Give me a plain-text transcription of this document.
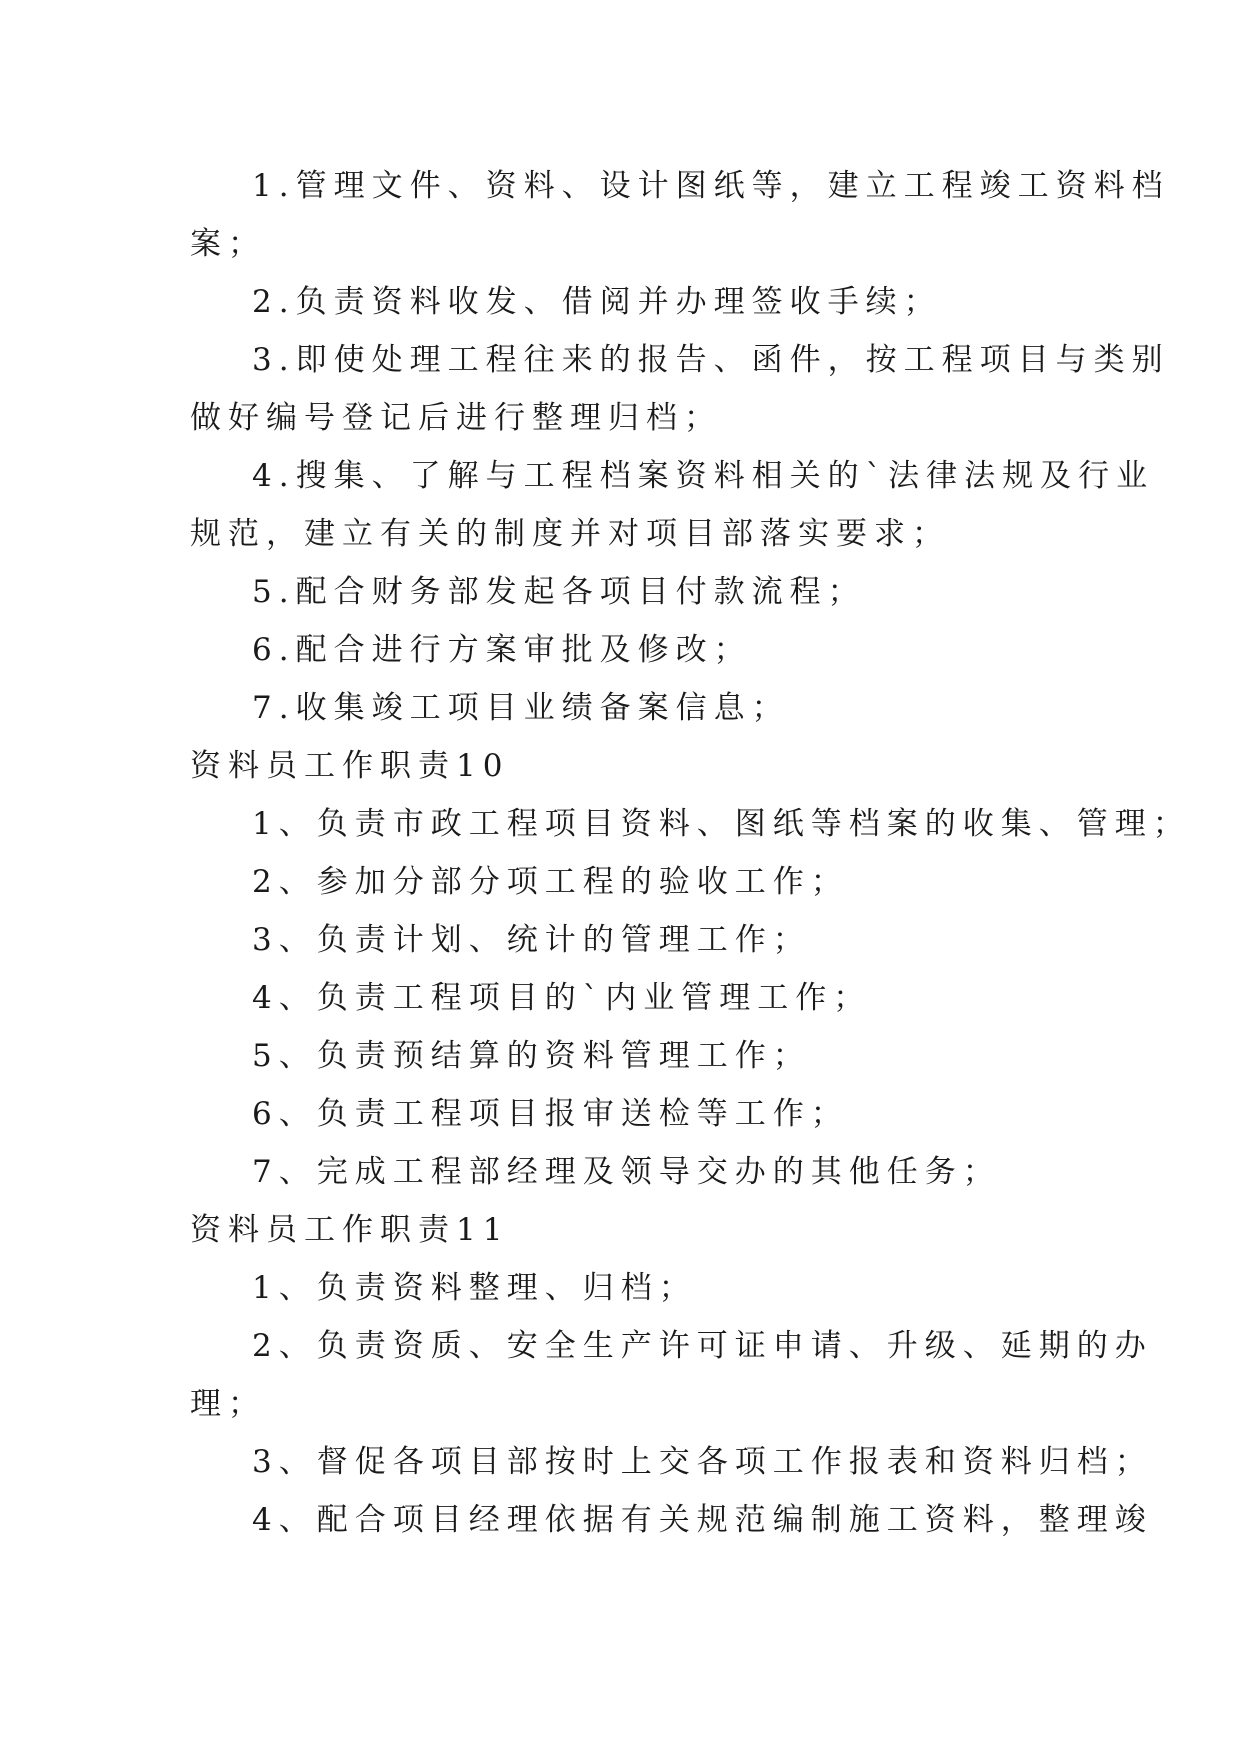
1.管理文件、资料、设计图纸等，建立工程竣工资料档
案；
2.负责资料收发、借阅并办理签收手续；
3.即使处理工程往来的报告、函件，按工程项目与类别
做好编号登记后进行整理归档；
4.搜集、了解与工程档案资料相关的`法律法规及行业
规范，建立有关的制度并对项目部落实要求；
5.配合财务部发起各项目付款流程；
6.配合进行方案审批及修改；
7.收集竣工项目业绩备案信息；
资料员工作职责10
1、负责市政工程项目资料、图纸等档案的收集、管理；
2、参加分部分项工程的验收工作；
3、负责计划、统计的管理工作；
4、负责工程项目的`内业管理工作；
5、负责预结算的资料管理工作；
6、负责工程项目报审送检等工作；
7、完成工程部经理及领导交办的其他任务；
资料员工作职责11
1、负责资料整理、归档；
2、负责资质、安全生产许可证申请、升级、延期的办
理；
3、督促各项目部按时上交各项工作报表和资料归档；
4、配合项目经理依据有关规范编制施工资料，整理竣
